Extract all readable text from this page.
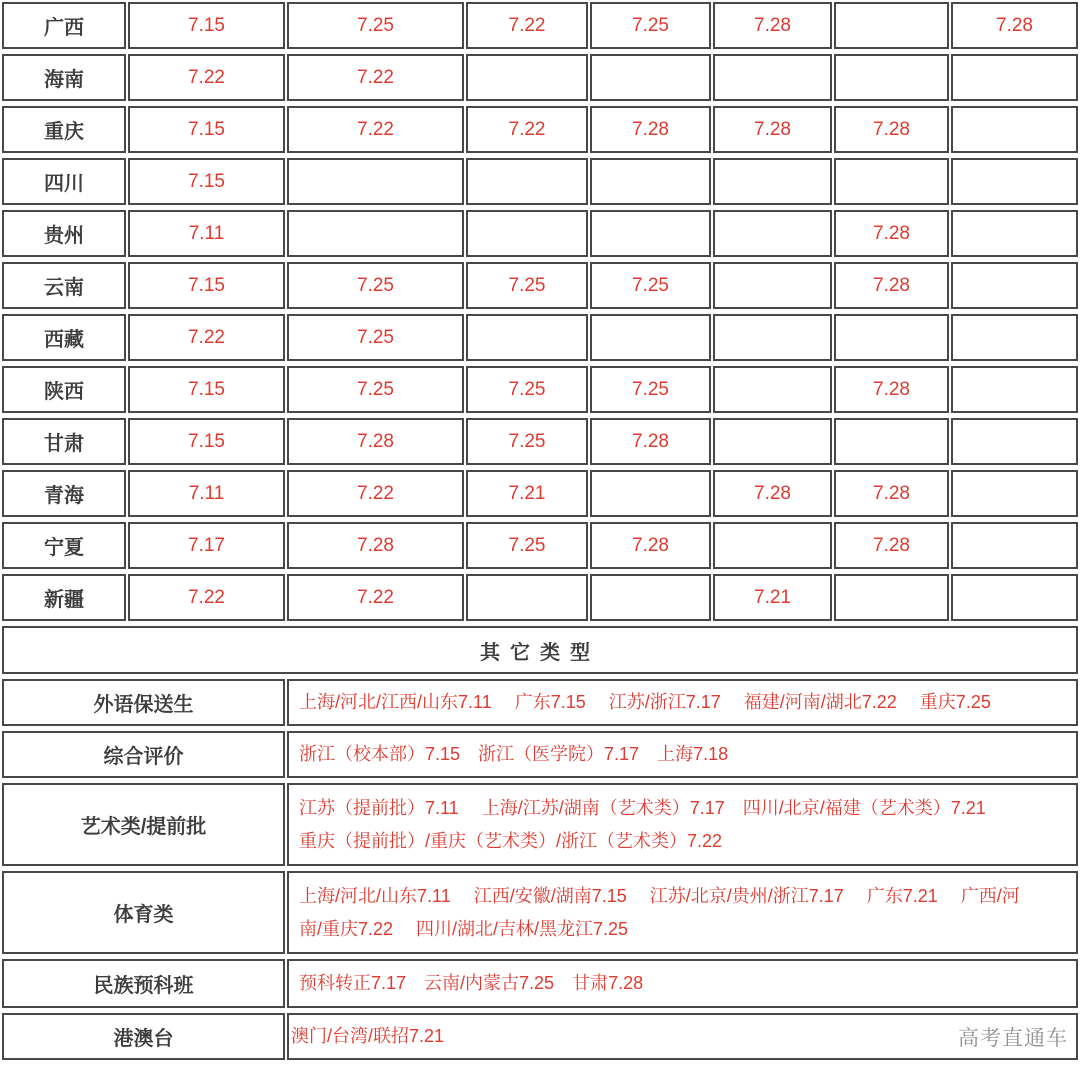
广西	7.15	7.25	7.22	7.25	7.28		7.28
海南	7.22	7.22					
重庆	7.15	7.22	7.22	7.28	7.28	7.28	
四川	7.15						
贵州	7.11					7.28	
云南	7.15	7.25	7.25	7.25		7.28	
西藏	7.22	7.25					
陕西	7.15	7.25	7.25	7.25		7.28	
甘肃	7.15	7.28	7.25	7.28			
青海	7.11	7.22	7.21		7.28	7.28	
宁夏	7.17	7.28	7.25	7.28		7.28	
新疆	7.22	7.22			7.21		
其它类型							
外语保送生		上海/河北/江西/山东7.11　 广东7.15　 江苏/浙江7.17　 福建/河南/湖北7.22　 重庆7.25					

综合评价		浙江（校本部）7.15　浙江（医学院）7.17　上海7.18					

艺术类/提前批		江苏（提前批）7.11　 上海/江苏/湖南（艺术类）7.17　四川/北京/福建（艺术类）7.21
重庆（提前批）/重庆（艺术类）/浙江（艺术类）7.22					

体育类		上海/河北/山东7.11　 江西/安徽/湖南7.15　 江苏/北京/贵州/浙江7.17　 广东7.21　 广西/河
南/重庆7.22　 四川/湖北/吉林/黑龙江7.25					

民族预科班		预科转正7.17　云南/内蒙古7.25　甘肃7.28					

港澳台		澳门/台湾/联招7.21 高考直通车					
